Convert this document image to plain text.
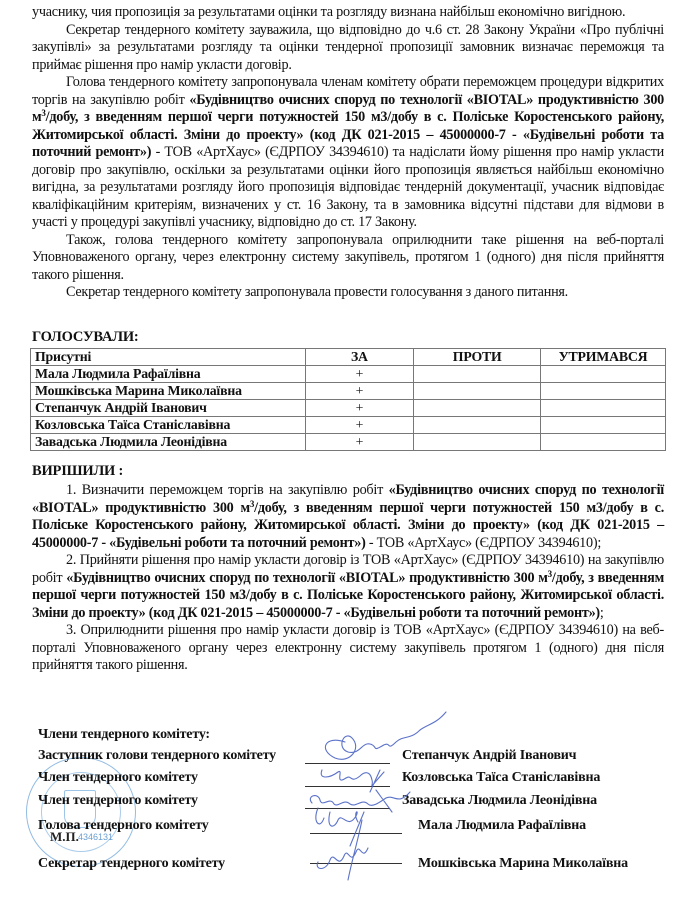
учаснику, чия пропозиція за результатами оцінки та розгляду визнана найбільш економічно вигідною.

Секретар тендерного комітету зауважила, що відповідно до ч.6 ст. 28 Закону України «Про публічні закупівлі» за результатами розгляду та оцінки тендерної пропозиції замовник визначає переможця та приймає рішення про намір укласти договір.

Голова тендерного комітету запропонувала членам комітету обрати переможцем процедури відкритих торгів на закупівлю робіт «Будівництво очисних споруд по технології «BIOTAL» продуктивністю 300 $м^3$/добу, з введенням першої черги потужностей 150 м3/добу в с. Поліське Коростенського району, Житомирської області. Зміни до проекту» (код ДК 021-2015 – 45000000-7 - «Будівельні роботи та поточний ремонт») - ТОВ «АртХаус» (ЄДРПОУ 34394610) та надіслати йому рішення про намір укласти договір про закупівлю, оскільки за результатами оцінки його пропозиція являється найбільш економічно вигідна, за результатами розгляду його пропозиція відповідає тендерній документації, учасник відповідає кваліфікаційним критеріям, визначених у ст. 16 Закону, та в замовника відсутні підстави для відмови в участі у процедурі закупівлі учаснику, відповідно до ст. 17 Закону.

Також, голова тендерного комітету запропонувала оприлюднити таке рішення на веб-порталі Уповноваженого органу, через електронну систему закупівель, протягом 1 (одного) дня після прийняття такого рішення.

Секретар тендерного комітету запропонувала провести голосування з даного питання.

ГОЛОСУВАЛИ:
Присутні	ЗА	ПРОТИ	УТРИМАВСЯ
Мала Людмила Рафаїлівна	+		
Мошківська Марина Миколаївна	+		
Степанчук Андрій Іванович	+		
Козловська Таїса Станіславівна	+		
Завадська Людмила Леонідівна	+		
ВИРІШИЛИ :

1. Визначити переможцем торгів на закупівлю робіт «Будівництво очисних споруд по технології «BIOTAL» продуктивністю 300 $м^3$/добу, з введенням першої черги потужностей 150 м3/добу в с. Поліське Коростенського району, Житомирської області. Зміни до проекту» (код ДК 021-2015 – 45000000-7 - «Будівельні роботи та поточний ремонт») - ТОВ «АртХаус» (ЄДРПОУ 34394610);

2. Прийняти рішення про намір укласти договір із ТОВ «АртХаус» (ЄДРПОУ 34394610) на закупівлю робіт «Будівництво очисних споруд по технології «BIOTAL» продуктивністю 300 $м^3$/добу, з введенням першої черги потужностей 150 м3/добу в с. Поліське Коростенського району, Житомирської області. Зміни до проекту» (код ДК 021-2015 – 45000000-7 - «Будівельні роботи та поточний ремонт»);

3. Оприлюднити рішення про намір укласти договір із ТОВ «АртХаус» (ЄДРПОУ 34394610) на веб-порталі Уповноваженого органу через електронну систему закупівель протягом 1 (одного) дня після прийняття такого рішення.

М.П. 4346131
Члени тендерного комітету:
Заступник голови тендерного комітету	Степанчук Андрій Іванович
Член тендерного комітету	Козловська Таїса Станіславівна
Член тендерного комітету	Завадська Людмила Леонідівна
Голова тендерного комітету	Мала Людмила Рафаїлівна
Секретар тендерного комітету	Мошківська Марина Миколаївна
